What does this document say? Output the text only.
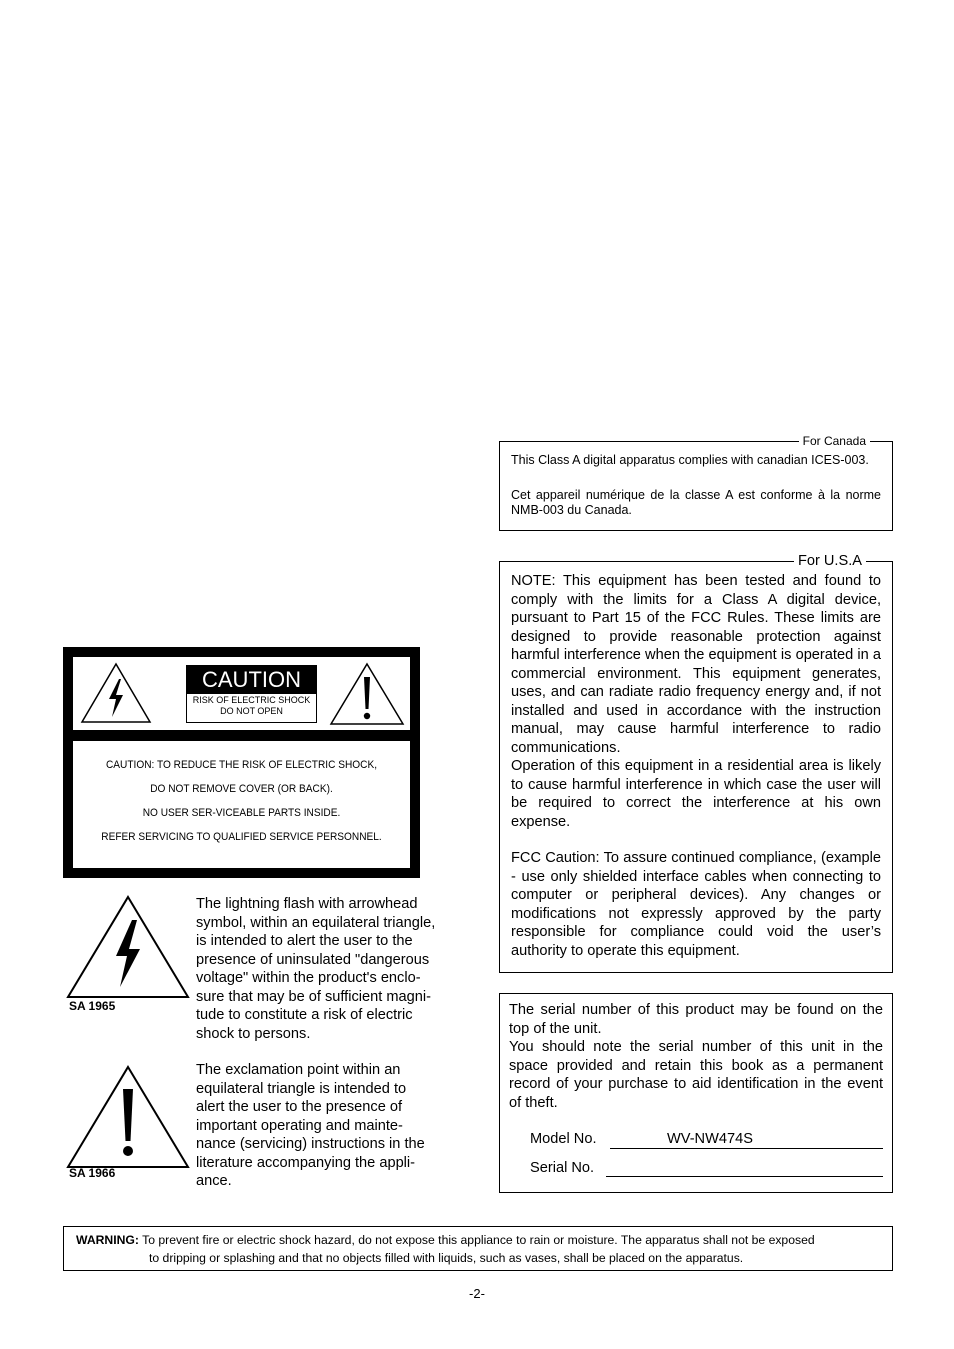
For Canada

This Class A digital apparatus complies with canadian ICES-003.

Cet appareil numérique de la classe A est conforme à la norme NMB-003 du Canada.

For U.S.A

NOTE: This equipment has been tested and found to comply with the limits for a Class A digital device, pursuant to Part 15 of the FCC Rules. These limits are designed to provide reasonable protection against harmful interference when the equipment is operated in a commercial environment. This equipment generates, uses, and can radiate radio frequency energy and, if not installed and used in accordance with the instruction manual, may cause harmful interference to radio communications.

Operation of this equipment in a residential area is likely to cause harmful interference in which case the user will be required to correct the interference at his own expense.

FCC Caution: To assure continued compliance, (example - use only shielded interface cables when connecting to computer or peripheral devices). Any changes or modifications not expressly approved by the party responsible for compliance could void the user’s authority to operate this equipment.

The serial number of this product may be found on the top of the unit.

You should note the serial number of this unit in the space provided and retain this book as a permanent record of your purchase to aid identification in the event of theft.

Model No.	WV-NW474S
Serial No.
CAUTION
RISK OF ELECTRIC SHOCK
DO NOT OPEN
CAUTION: TO REDUCE THE RISK OF ELECTRIC SHOCK,
DO NOT REMOVE COVER (OR BACK).
NO USER SER-VICEABLE PARTS INSIDE.
REFER SERVICING TO QUALIFIED SERVICE PERSONNEL.
SA 1965
The lightning flash with arrowhead
symbol, within an equilateral triangle,
is intended to alert the user to the
presence of uninsulated "dangerous
voltage" within the product's enclo-
sure that may be of sufficient magni-
tude to constitute a risk of electric
shock to persons.
SA 1966
The exclamation point within an
equilateral triangle is intended to
alert the user to the presence of
important operating and mainte-
nance (servicing) instructions in the
literature accompanying the appli-
ance.
WARNING: To prevent fire or electric shock hazard, do not expose this appliance to rain or moisture. The apparatus shall not be exposed
to dripping or splashing and that no objects filled with liquids, such as vases, shall be placed on the apparatus.
-2-
